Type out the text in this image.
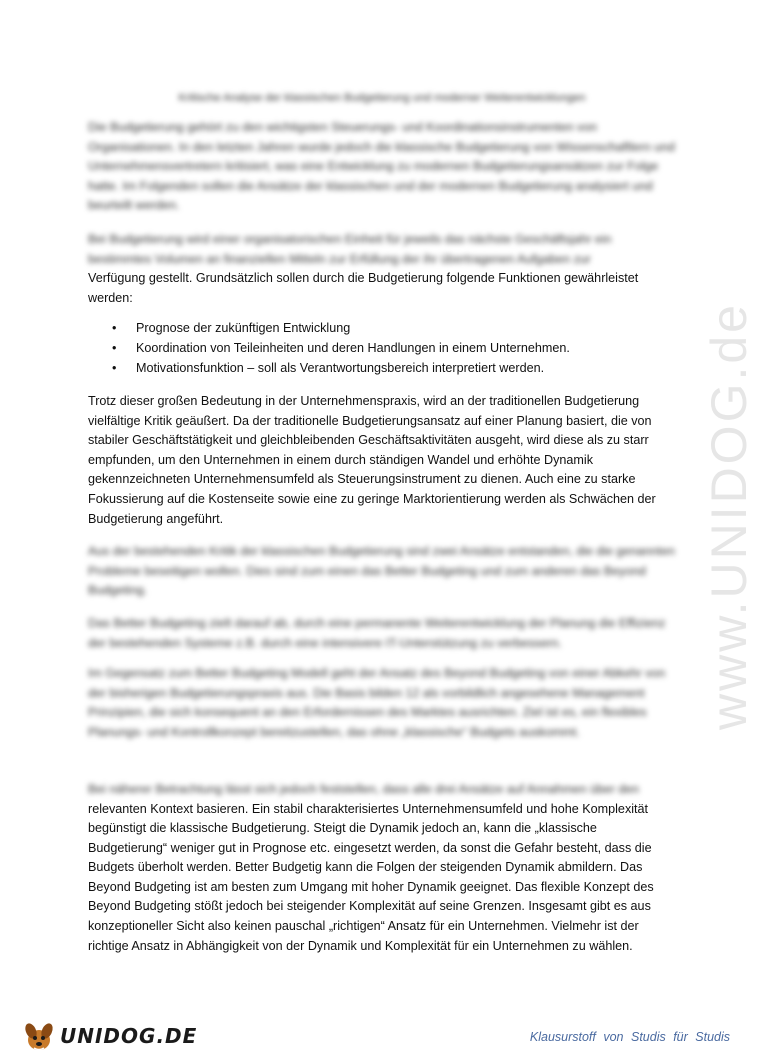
www.UNIDOG.de

Kritische Analyse der klassischen Budgetierung und moderner Weiterentwicklungen

Die Budgetierung gehört zu den wichtigsten Steuerungs- und Koordinationsinstrumenten von Organisationen. In den letzten Jahren wurde jedoch die klassische Budgetierung von Wissenschaftlern und Unternehmensvertretern kritisiert, was eine Entwicklung zu modernen Budgetierungsansätzen zur Folge hatte. Im Folgenden sollen die Ansätze der klassischen und der modernen Budgetierung analysiert und beurteilt werden.

Bei Budgetierung wird einer organisatorischen Einheit für jeweils das nächste Geschäftsjahr ein bestimmtes Volumen an finanziellen Mitteln zur Erfüllung der ihr übertragenen Aufgaben zur
Verfügung gestellt. Grundsätzlich sollen durch die Budgetierung folgende Funktionen gewährleistet werden:
• Prognose der zukünftigen Entwicklung
• Koordination von Teileinheiten und deren Handlungen in einem Unternehmen.
• Motivationsfunktion – soll als Verantwortungsbereich interpretiert werden.

Trotz dieser großen Bedeutung in der Unternehmenspraxis, wird an der traditionellen Budgetierung vielfältige Kritik geäußert. Da der traditionelle Budgetierungsansatz auf einer Planung basiert, die von stabiler Geschäftstätigkeit und gleichbleibenden Geschäftsaktivitäten ausgeht, wird diese als zu starr empfunden, um den Unternehmen in einem durch ständigen Wandel und erhöhte Dynamik gekennzeichneten Unternehmensumfeld als Steuerungsinstrument zu dienen. Auch eine zu starke Fokussierung auf die Kostenseite sowie eine zu geringe Marktorientierung werden als Schwächen der Budgetierung angeführt.

Aus der bestehenden Kritik der klassischen Budgetierung sind zwei Ansätze entstanden, die die genannten Probleme beseitigen wollen. Dies sind zum einen das Better Budgeting und zum anderen das Beyond Budgeting.

Das Better Budgeting zielt darauf ab, durch eine permanente Weiterentwicklung der Planung die Effizienz der bestehenden Systeme z.B. durch eine intensivere IT-Unterstützung zu verbessern.

Im Gegensatz zum Better Budgeting Modell geht der Ansatz des Beyond Budgeting von einer Abkehr von der bisherigen Budgetierungspraxis aus. Die Basis bilden 12 als vorbildlich angesehene Management Prinzipien, die sich konsequent an den Erfordernissen des Marktes ausrichten. Ziel ist es, ein flexibles Planungs- und Kontrollkonzept bereitzustellen, das ohne „klassische“ Budgets auskommt.

Bei näherer Betrachtung lässt sich jedoch feststellen, dass alle drei Ansätze auf Annahmen über den
relevanten Kontext basieren. Ein stabil charakterisiertes Unternehmensumfeld und hohe Komplexität begünstigt die klassische Budgetierung. Steigt die Dynamik jedoch an, kann die „klassische Budgetierung“ weniger gut in Prognose etc. eingesetzt werden, da sonst die Gefahr besteht, dass die Budgets überholt werden. Better Budgetig kann die Folgen der steigenden Dynamik abmildern. Das Beyond Budgeting ist am besten zum Umgang mit hoher Dynamik geeignet. Das flexible Konzept des Beyond Budgeting stößt jedoch bei steigender Komplexität auf seine Grenzen. Insgesamt gibt es aus konzeptioneller Sicht also keinen pauschal „richtigen“ Ansatz für ein Unternehmen. Vielmehr ist der richtige Ansatz in Abhängigkeit von der Dynamik und Komplexität für ein Unternehmen zu wählen.
UNIDOG.DE	Klausurstoff von Studis für Studis
